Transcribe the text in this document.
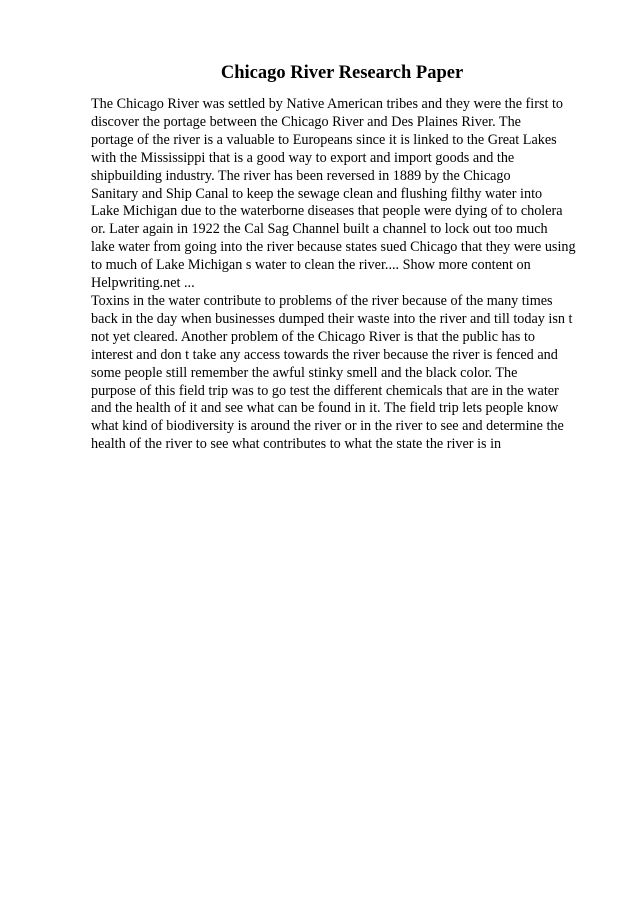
Chicago River Research Paper
The Chicago River was settled by Native American tribes and they were the first to
discover the portage between the Chicago River and Des Plaines River. The
portage of the river is a valuable to Europeans since it is linked to the Great Lakes
with the Mississippi that is a good way to export and import goods and the
shipbuilding industry. The river has been reversed in 1889 by the Chicago
Sanitary and Ship Canal to keep the sewage clean and flushing filthy water into
Lake Michigan due to the waterborne diseases that people were dying of to cholera
or. Later again in 1922 the Cal Sag Channel built a channel to lock out too much
lake water from going into the river because states sued Chicago that they were using
to much of Lake Michigan s water to clean the river.... Show more content on
Helpwriting.net ...
Toxins in the water contribute to problems of the river because of the many times
back in the day when businesses dumped their waste into the river and till today isn t
not yet cleared. Another problem of the Chicago River is that the public has to
interest and don t take any access towards the river because the river is fenced and
some people still remember the awful stinky smell and the black color. The
purpose of this field trip was to go test the different chemicals that are in the water
and the health of it and see what can be found in it. The field trip lets people know
what kind of biodiversity is around the river or in the river to see and determine the
health of the river to see what contributes to what the state the river is in
